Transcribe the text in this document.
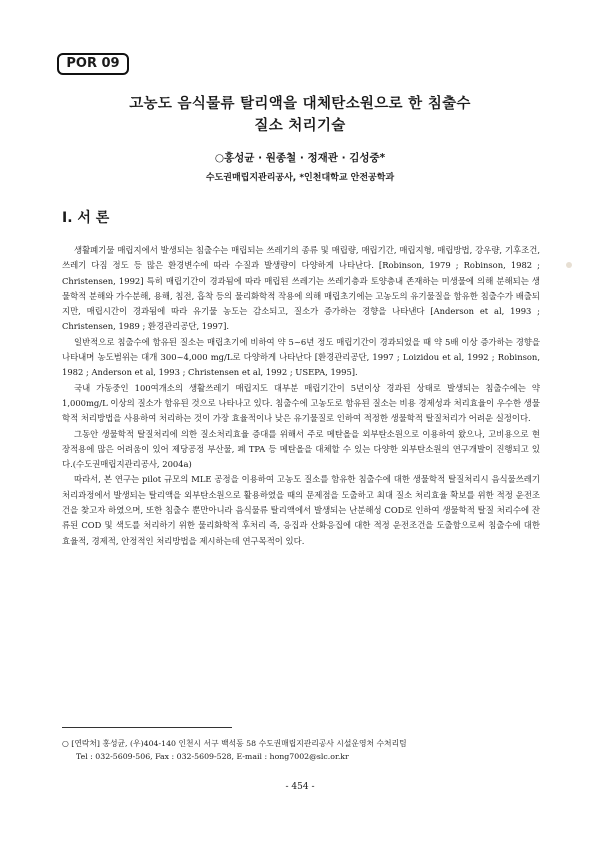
POR 09
고농도 음식물류 탈리액을 대체탄소원으로 한 침출수
질소 처리기술
○홍성균 · 원종철 · 정재관 · 김성중*
수도권매립지관리공사, *인천대학교 안전공학과
Ⅰ. 서 론

생활폐기물 매립지에서 발생되는 침출수는 매립되는 쓰레기의 종류 및 매립량, 매립기간, 매립지형, 매립방법, 강우량, 기후조건, 쓰레기 다짐 정도 등 많은 환경변수에 따라 수질과 발생량이 다양하게 나타난다. [Robinson, 1979 ; Robinson, 1982 ; Christensen, 1992] 특히 매립기간이 경과됨에 따라 매립된 쓰레기는 쓰레기층과 토양층내 존재하는 미생물에 의해 분해되는 생물학적 분해와 가수분해, 용해, 침전, 흡착 등의 물리화학적 작용에 의해 매립초기에는 고농도의 유기물질을 함유한 침출수가 배출되지만, 매립시간이 경과됨에 따라 유기물 농도는 감소되고, 질소가 증가하는 경향을 나타낸다 [Anderson et al, 1993 ; Christensen, 1989 ; 환경관리공단, 1997].

일반적으로 침출수에 함유된 질소는 매립초기에 비하여 약 5~6년 정도 매립기간이 경과되었을 때 약 5배 이상 증가하는 경향을 나타내며 농도범위는 대개 300~4,000 mg/L로 다양하게 나타난다 [환경관리공단, 1997 ; Loizidou et al, 1992 ; Robinson, 1982 ; Anderson et al, 1993 ; Christensen et al, 1992 ; USEPA, 1995].

국내 가동중인 100여개소의 생활쓰레기 매립지도 대부분 매립기간이 5년이상 경과된 상태로 발생되는 침출수에는 약 1,000mg/L 이상의 질소가 함유된 것으로 나타나고 있다. 침출수에 고농도로 함유된 질소는 비용 경제성과 처리효율이 우수한 생물학적 처리방법을 사용하여 처리하는 것이 가장 효율적이나 낮은 유기물질로 인하여 적정한 생물학적 탈질처리가 어려운 실정이다.

그동안 생물학적 탈질처리에 의한 질소처리효율 증대를 위해서 주로 메탄올을 외부탄소원으로 이용하여 왔으나, 고비용으로 현장적용에 많은 어려움이 있어 제당공정 부산물, 폐 TPA 등 메탄올을 대체할 수 있는 다양한 외부탄소원의 연구개발이 진행되고 있다.(수도권매립지관리공사, 2004a)

따라서, 본 연구는 pilot 규모의 MLE 공정을 이용하여 고농도 질소를 함유한 침출수에 대한 생물학적 탈질처리시 음식물쓰레기 처리과정에서 발생되는 탈리액을 외부탄소원으로 활용하였을 때의 문제점을 도출하고 최대 질소 처리효율 확보를 위한 적정 운전조건을 찾고자 하였으며, 또한 침출수 뿐만아니라 음식물류 탈리액에서 발생되는 난분해성 COD로 인하여 생물학적 탈질 처리수에 잔류된 COD 및 색도를 처리하기 위한 물리화학적 후처리 즉, 응집과 산화응집에 대한 적정 운전조건을 도출함으로써 침출수에 대한 효율적, 경제적, 안정적인 처리방법을 제시하는데 연구목적이 있다.

○ [연락처] 홍성균, (우)404-140 인천시 서구 백석동 58 수도권매립지관리공사 시설운영처 수처리팀
Tel : 032-5609-506, Fax : 032-5609-528, E-mail : hong7002@slc.or.kr
- 454 -
